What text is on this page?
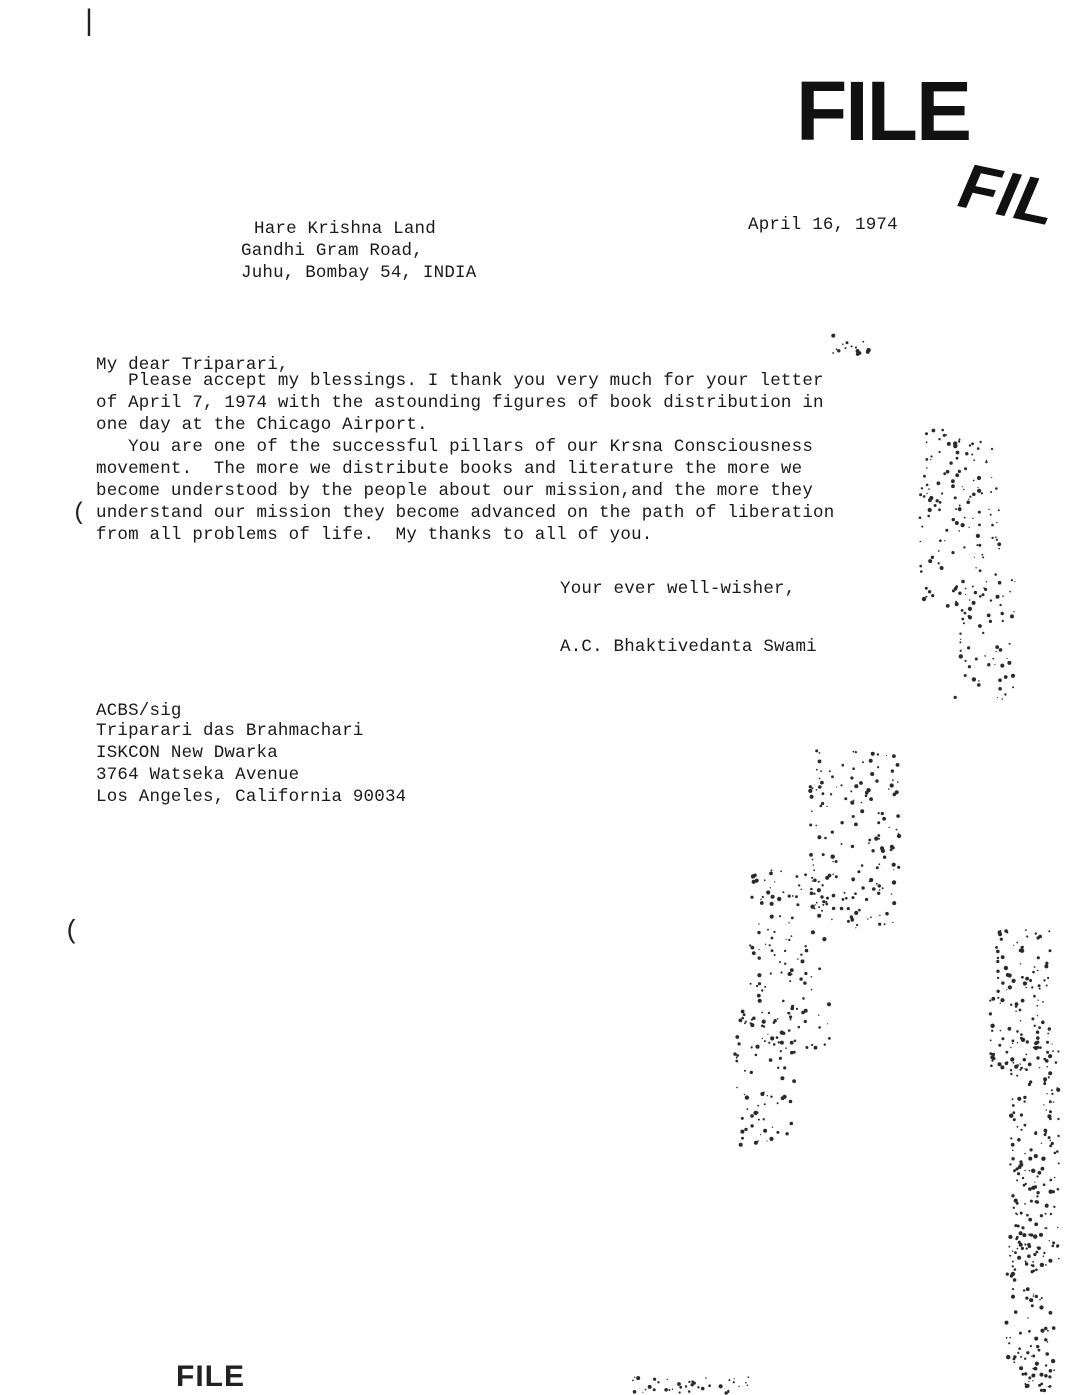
|
(
(
FILE
FIL
FILE
Hare Krishna Land
Gandhi Gram Road,
Juhu, Bombay 54, INDIA
April 16, 1974
My dear Triparari,
Please accept my blessings. I thank you very much for your letter
of April 7, 1974 with the astounding figures of book distribution in
one day at the Chicago Airport.
You are one of the successful pillars of our Krsna Consciousness
movement.  The more we distribute books and literature the more we
become understood by the people about our mission,and the more they
understand our mission they become advanced on the path of liberation
from all problems of life.  My thanks to all of you.
Your ever well-wisher,
A.C. Bhaktivedanta Swami
ACBS/sig
Triparari das Brahmachari
ISKCON New Dwarka
3764 Watseka Avenue
Los Angeles, California 90034
